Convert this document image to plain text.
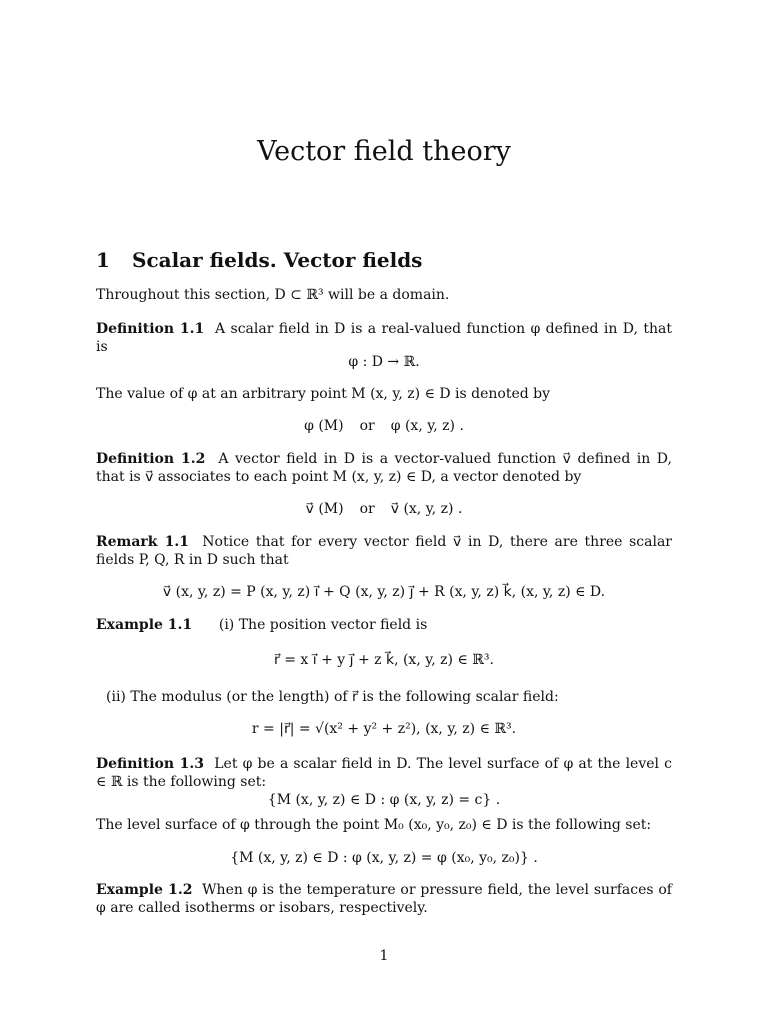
Vector field theory
1 Scalar fields. Vector fields
Throughout this section, D ⊂ ℝ³ will be a domain.
Definition 1.1 A scalar field in D is a real-valued function φ defined in D, that is
φ : D → ℝ.
The value of φ at an arbitrary point M (x, y, z) ∈ D is denoted by
φ (M) or φ (x, y, z) .
Definition 1.2 A vector field in D is a vector-valued function v⃗ defined in D, that is v⃗ associates to each point M (x, y, z) ∈ D, a vector denoted by
v⃗ (M) or v⃗ (x, y, z) .
Remark 1.1 Notice that for every vector field v⃗ in D, there are three scalar fields P, Q, R in D such that
v⃗ (x, y, z) = P (x, y, z) i⃗ + Q (x, y, z) j⃗ + R (x, y, z) k⃗, (x, y, z) ∈ D.
Example 1.1 (i) The position vector field is
r⃗ = x i⃗ + y j⃗ + z k⃗, (x, y, z) ∈ ℝ³.
(ii) The modulus (or the length) of r⃗ is the following scalar field:
r = |r⃗| = √(x² + y² + z²), (x, y, z) ∈ ℝ³.
Definition 1.3 Let φ be a scalar field in D. The level surface of φ at the level c ∈ ℝ is the following set:
{M (x, y, z) ∈ D : φ (x, y, z) = c} .
The level surface of φ through the point M₀ (x₀, y₀, z₀) ∈ D is the following set:
{M (x, y, z) ∈ D : φ (x, y, z) = φ (x₀, y₀, z₀)} .
Example 1.2 When φ is the temperature or pressure field, the level surfaces of φ are called isotherms or isobars, respectively.
1
